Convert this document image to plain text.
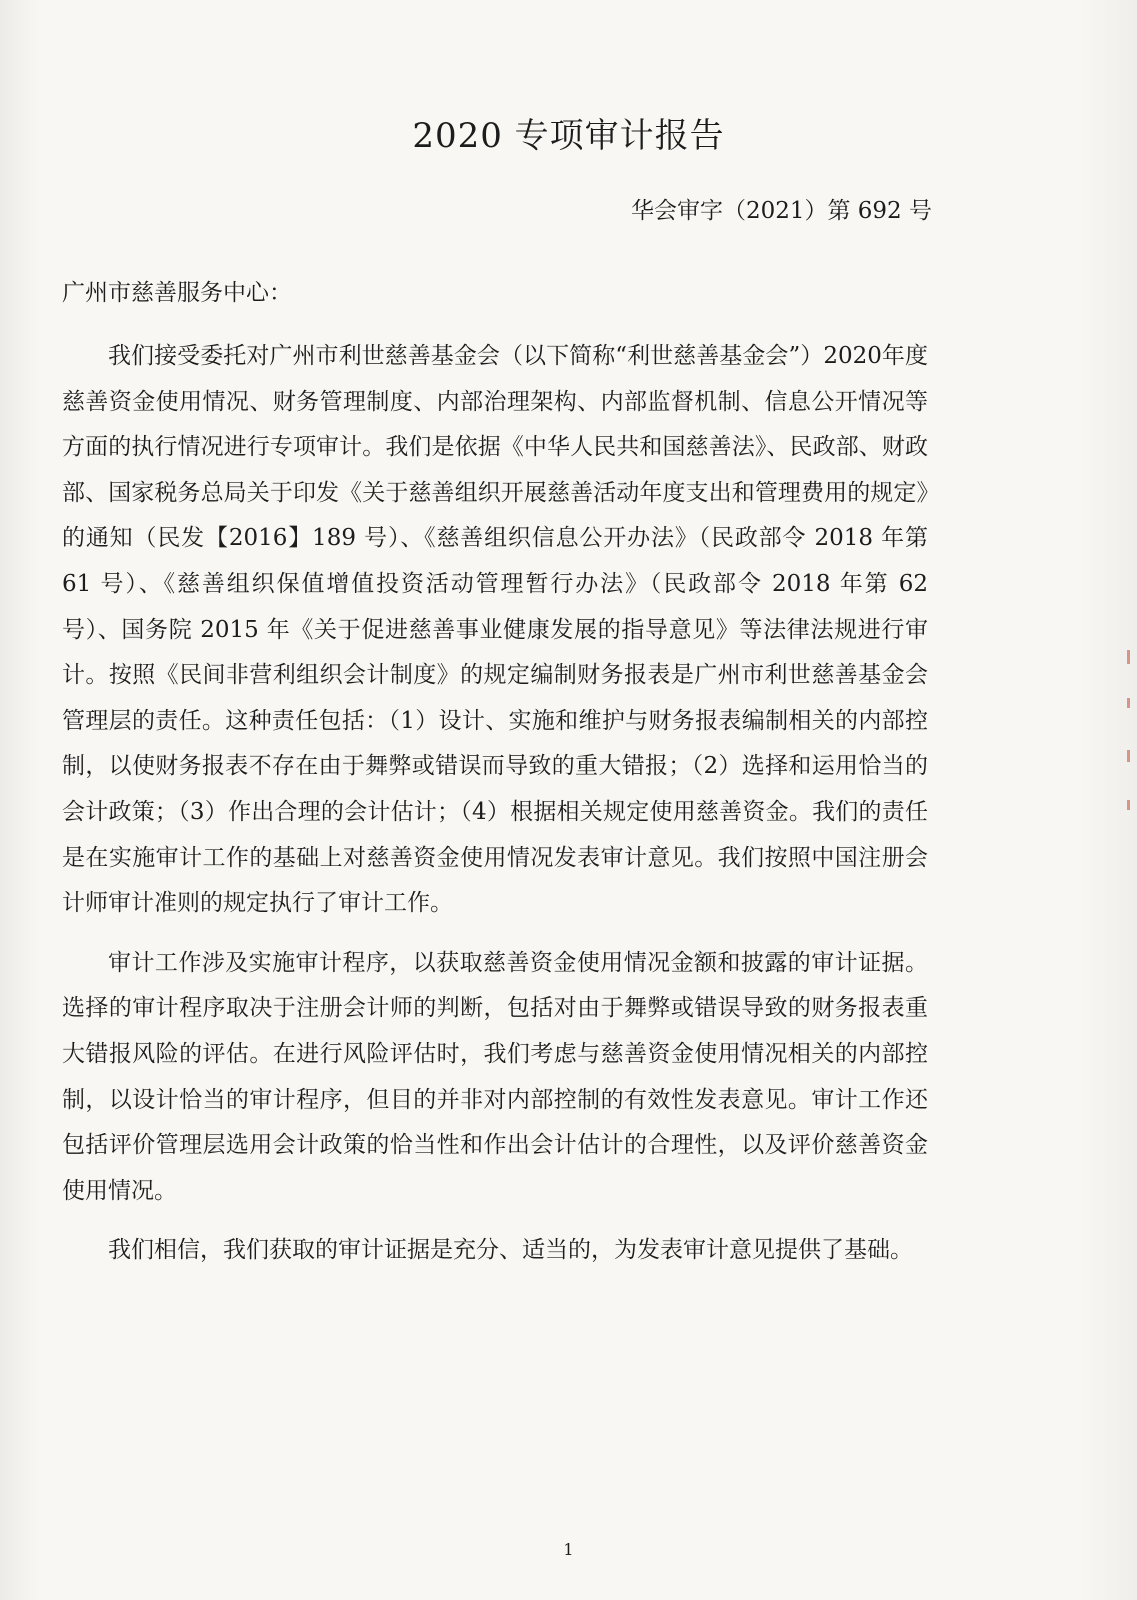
2020 专项审计报告

华会审字（2021）第 692 号

广州市慈善服务中心：

我们接受委托对广州市利世慈善基金会（以下简称“利世慈善基金会”）2020年度慈善资金使用情况、财务管理制度、内部治理架构、内部监督机制、信息公开情况等方面的执行情况进行专项审计。我们是依据《中华人民共和国慈善法》、民政部、财政部、国家税务总局关于印发《关于慈善组织开展慈善活动年度支出和管理费用的规定》的通知（民发【2016】189 号）、《慈善组织信息公开办法》（民政部令 2018 年第 61 号）、《慈善组织保值增值投资活动管理暂行办法》（民政部令 2018 年第 62 号）、国务院 2015 年《关于促进慈善事业健康发展的指导意见》等法律法规进行审计。按照《民间非营利组织会计制度》的规定编制财务报表是广州市利世慈善基金会管理层的责任。这种责任包括：（1）设计、实施和维护与财务报表编制相关的内部控制，以使财务报表不存在由于舞弊或错误而导致的重大错报；（2）选择和运用恰当的会计政策；（3）作出合理的会计估计；（4）根据相关规定使用慈善资金。我们的责任是在实施审计工作的基础上对慈善资金使用情况发表审计意见。我们按照中国注册会计师审计准则的规定执行了审计工作。

审计工作涉及实施审计程序，以获取慈善资金使用情况金额和披露的审计证据。选择的审计程序取决于注册会计师的判断，包括对由于舞弊或错误导致的财务报表重大错报风险的评估。在进行风险评估时，我们考虑与慈善资金使用情况相关的内部控制，以设计恰当的审计程序，但目的并非对内部控制的有效性发表意见。审计工作还包括评价管理层选用会计政策的恰当性和作出会计估计的合理性，以及评价慈善资金使用情况。

我们相信，我们获取的审计证据是充分、适当的，为发表审计意见提供了基础。

1
